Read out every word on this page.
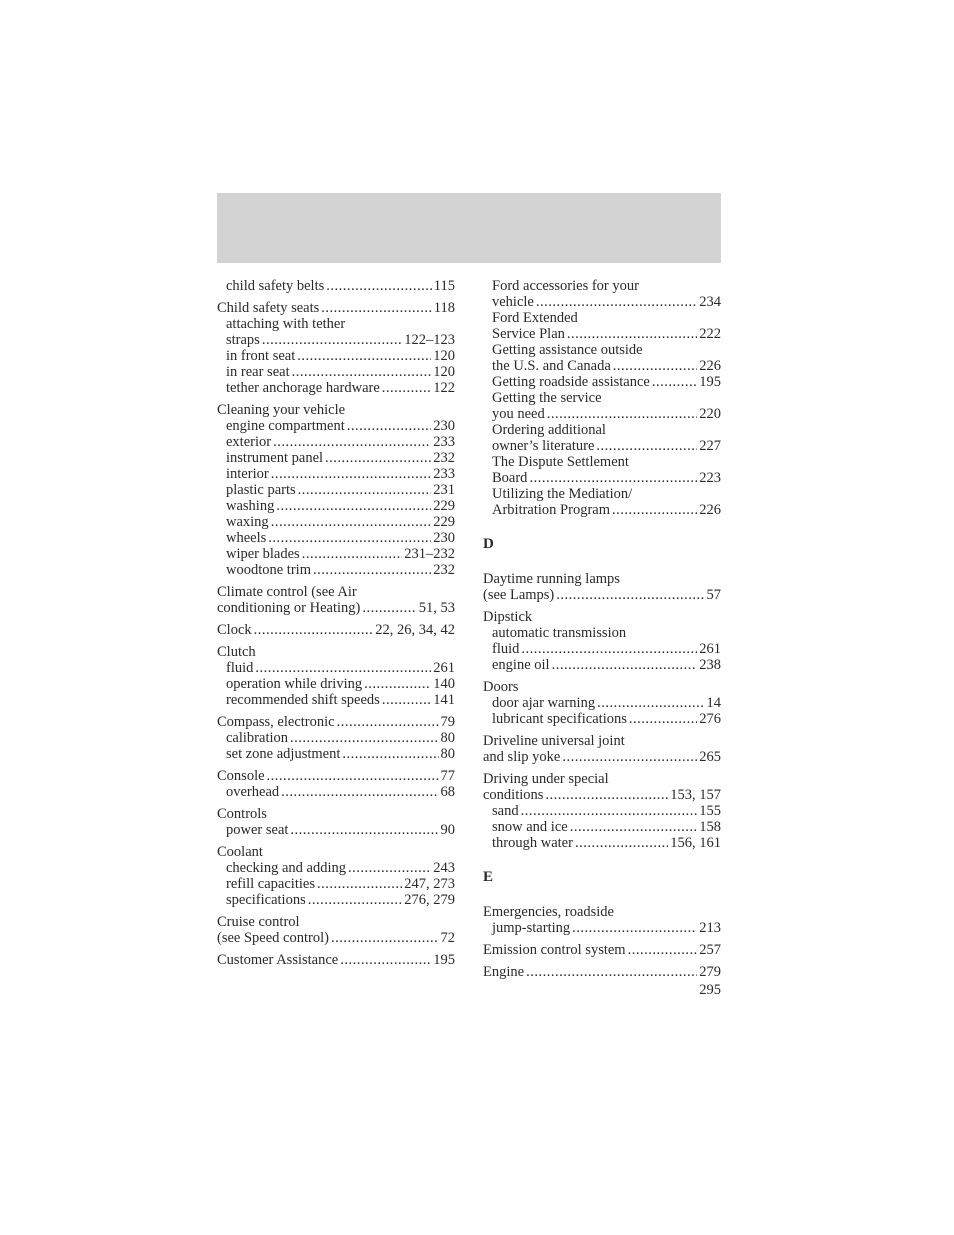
child safety belts .....	115
Child safety seats .....	118
attaching with tether
straps .....	122–123
in front seat .....	120
in rear seat .....	120
tether anchorage hardware .....	122
Cleaning your vehicle
engine compartment .....	230
exterior .....	233
instrument panel .....	232
interior .....	233
plastic parts .....	231
washing .....	229
waxing .....	229
wheels .....	230
wiper blades .....	231–232
woodtone trim .....	232
Climate control (see Air
conditioning or Heating) .....	51, 53
Clock .....	22, 26, 34, 42
Clutch
fluid .....	261
operation while driving .....	140
recommended shift speeds .....	141
Compass, electronic .....	79
calibration .....	80
set zone adjustment .....	80
Console .....	77
overhead .....	68
Controls
power seat .....	90
Coolant
checking and adding .....	243
refill capacities .....	247, 273
specifications .....	276, 279
Cruise control
(see Speed control) .....	72
Customer Assistance .....	195
Ford accessories for your
vehicle .....	234
Ford Extended
Service Plan .....	222
Getting assistance outside
the U.S. and Canada .....	226
Getting roadside assistance .....	195
Getting the service
you need .....	220
Ordering additional
owner’s literature .....	227
The Dispute Settlement
Board .....	223
Utilizing the Mediation/
Arbitration Program .....	226
D
Daytime running lamps
(see Lamps) .....	57
Dipstick
automatic transmission
fluid .....	261
engine oil .....	238
Doors
door ajar warning .....	14
lubricant specifications .....	276
Driveline universal joint
and slip yoke .....	265
Driving under special
conditions .....	153, 157
sand .....	155
snow and ice .....	158
through water .....	156, 161
E
Emergencies, roadside
jump-starting .....	213
Emission control system .....	257
Engine .....	279
295
